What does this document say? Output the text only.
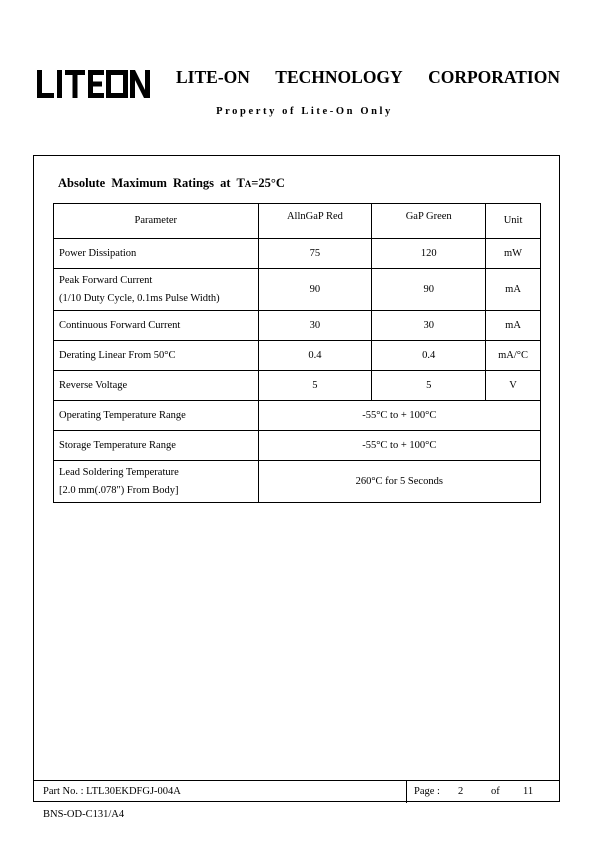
LITE-ON TECHNOLOGY CORPORATION
Property of Lite-On Only
Absolute Maximum Ratings at TA=25°C
Parameter	AllnGaP Red	GaP Green	Unit
Power Dissipation	75	120	mW

Peak Forward Current
(1/10 Duty Cycle, 0.1ms Pulse Width)	90	90	mA
Continuous Forward Current	30	30	mA
Derating Linear From 50°C	0.4	0.4	mA/°C
Reverse Voltage	5	5	V
Operating Temperature Range	-55°C to + 100°C		
Storage Temperature Range	-55°C to + 100°C		

Lead Soldering Temperature
[2.0 mm(.078") From Body]	260°C for 5 Seconds		
Part No. : LTL30EKDFGJ-004A	Page : 2	of 11
BNS-OD-C131/A4
